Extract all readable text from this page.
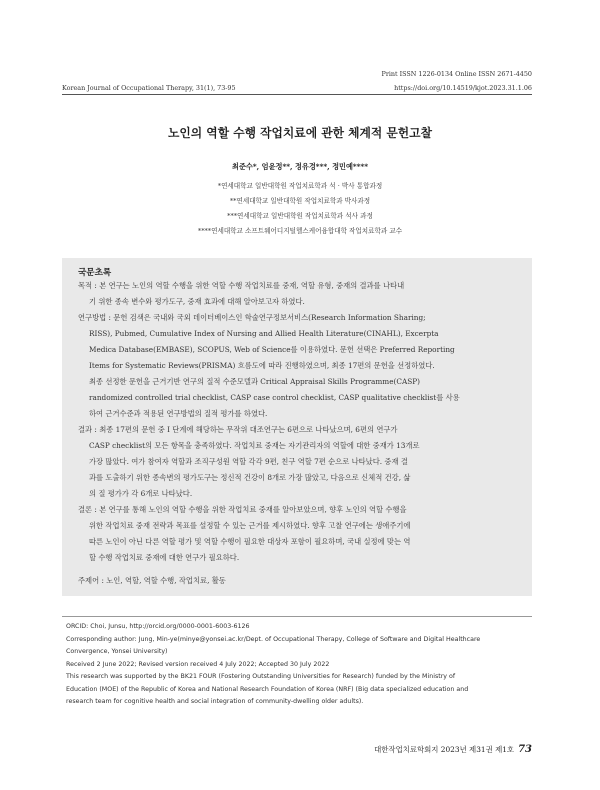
Print ISSN 1226-0134 Online ISSN 2671-4450
Korean Journal of Occupational Therapy, 31(1), 73-95	https://doi.org/10.14519/kjot.2023.31.1.06
노인의 역할 수행 작업치료에 관한 체계적 문헌고찰
최준수*, 엄윤정**, 정유경***, 정민예****
*연세대학교 일반대학원 작업치료학과 석 · 박사 통합과정
**연세대학교 일반대학원 작업치료학과 박사과정
***연세대학교 일반대학원 작업치료학과 석사 과정
****연세대학교 소프트웨어디지털헬스케어융합대학 작업치료학과 교수
국문초록
목적 : 본 연구는 노인의 역할 수행을 위한 역할 수행 작업치료를 중재, 역할 유형, 중재의 결과를 나타내
기 위한 종속 변수와 평가도구, 중재 효과에 대해 알아보고자 하였다.
연구방법 : 문헌 검색은 국내와 국외 데이터베이스인 학술연구정보서비스(Research Information Sharing;
RISS), Pubmed, Cumulative Index of Nursing and Allied Health Literature(CINAHL), Excerpta
Medica Database(EMBASE), SCOPUS, Web of Science를 이용하였다. 문헌 선택은 Preferred Reporting
Items for Systematic Reviews(PRISMA) 흐름도에 따라 진행하였으며, 최종 17편의 문헌을 선정하였다.
최종 선정한 문헌을 근거기반 연구의 질적 수준모델과 Critical Appraisal Skills Programme(CASP)
randomized controlled trial checklist, CASP case control checklist, CASP qualitative checklist를 사용
하여 근거수준과 적용된 연구방법의 질적 평가를 하였다.
결과 : 최종 17편의 문헌 중 I 단계에 해당하는 무작위 대조연구는 6편으로 나타났으며, 6편의 연구가
CASP checklist의 모든 항목을 충족하였다. 작업치료 중재는 자기관리자의 역할에 대한 중재가 13개로
가장 많았다. 여가 참여자 역할과 조직구성원 역할 각각 9편, 친구 역할 7편 순으로 나타났다. 중재 결
과를 도출하기 위한 종속변의 평가도구는 정신적 건강이 8개로 가장 많았고, 다음으로 신체적 건강, 삶
의 질 평가가 각 6개로 나타났다.
결론 : 본 연구를 통해 노인의 역할 수행을 위한 작업치료 중재를 알아보았으며, 향후 노인의 역할 수행을
위한 작업치료 중재 전략과 목표를 설정할 수 있는 근거를 제시하였다. 향후 고찰 연구에는 생애주기에
따른 노인이 아닌 다른 역할 평가 및 역할 수행이 필요한 대상자 포함이 필요하며, 국내 실정에 맞는 역
할 수행 작업치료 중재에 대한 연구가 필요하다.
주제어 : 노인, 역할, 역할 수행, 작업치료, 활동
ORCID: Choi, Junsu, http://orcid.org/0000-0001-6003-6126
Corresponding author: Jung, Min-ye(minye@yonsei.ac.kr/Dept. of Occupational Therapy, College of Software and Digital Healthcare
Convergence, Yonsei University)
Received 2 June 2022; Revised version received 4 July 2022; Accepted 30 July 2022
This research was supported by the BK21 FOUR (Fostering Outstanding Universities for Research) funded by the Ministry of
Education (MOE) of the Republic of Korea and National Research Foundation of Korea (NRF) (Big data specialized education and
research team for cognitive health and social integration of community-dwelling older adults).
대한작업치료학회지 2023년 제31권 제1호 73
